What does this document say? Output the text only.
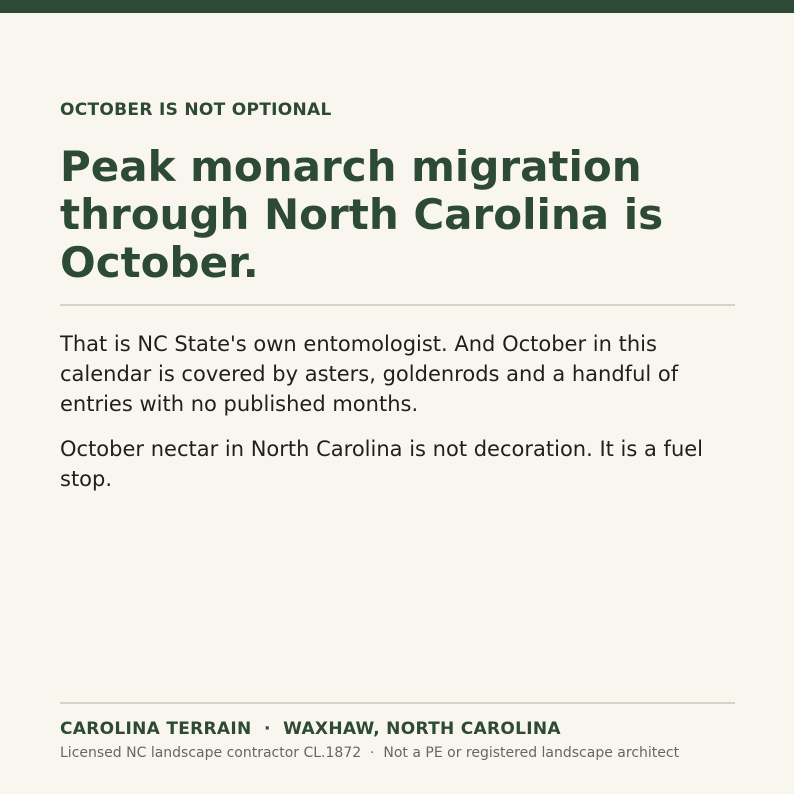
OCTOBER IS NOT OPTIONAL
Peak monarch migration through North Carolina is October.

That is NC State's own entomologist. And October in this calendar is covered by asters, goldenrods and a handful of entries with no published months.

October nectar in North Carolina is not decoration. It is a fuel stop.

CAROLINA TERRAIN  ·  WAXHAW, NORTH CAROLINA
Licensed NC landscape contractor CL.1872  ·  Not a PE or registered landscape architect
